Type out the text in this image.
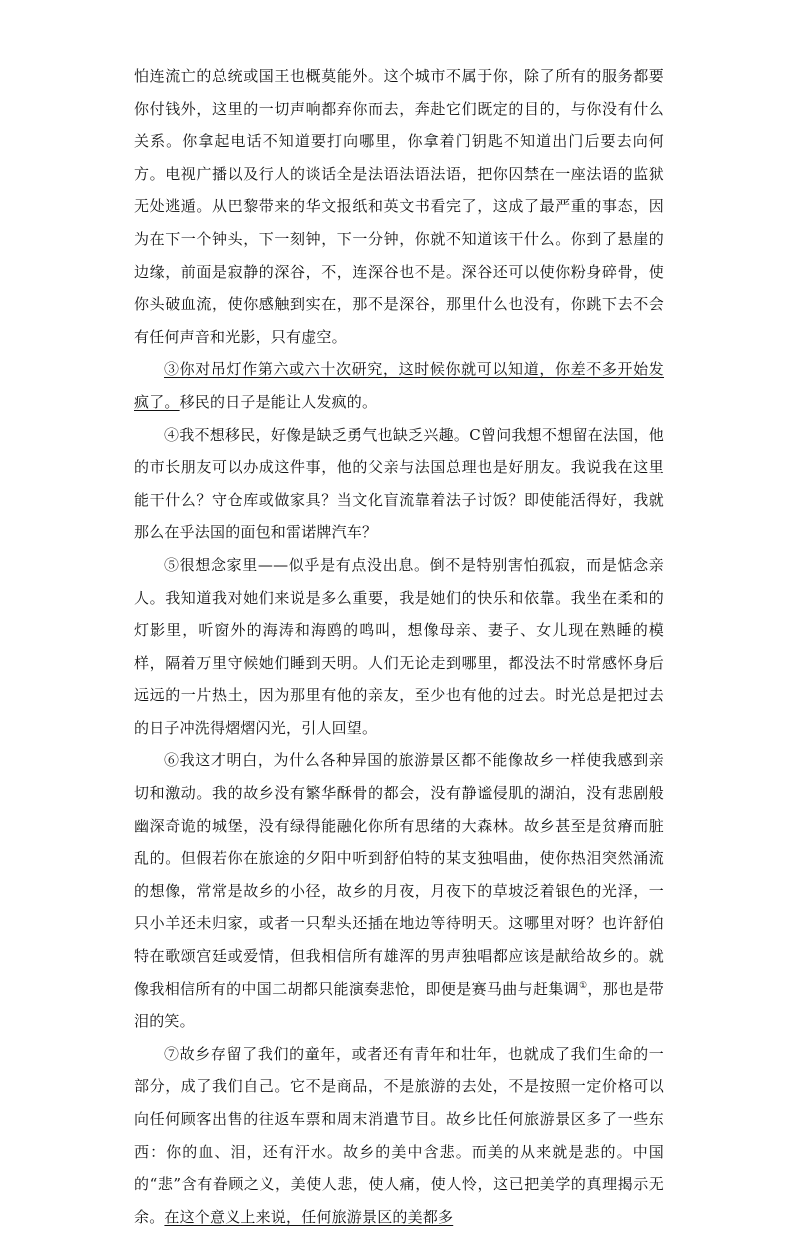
怕连流亡的总统或国王也概莫能外。这个城市不属于你，除了所有的服务都要你付钱外，这里的一切声响都弃你而去，奔赴它们既定的目的，与你没有什么关系。你拿起电话不知道要打向哪里，你拿着门钥匙不知道出门后要去向何方。电视广播以及行人的谈话全是法语法语法语，把你囚禁在一座法语的监狱无处逃遁。从巴黎带来的华文报纸和英文书看完了，这成了最严重的事态，因为在下一个钟头，下一刻钟，下一分钟，你就不知道该干什么。你到了悬崖的边缘，前面是寂静的深谷，不，连深谷也不是。深谷还可以使你粉身碎骨，使你头破血流，使你感触到实在，那不是深谷，那里什么也没有，你跳下去不会有任何声音和光影，只有虚空。

③你对吊灯作第六或六十次研究，这时候你就可以知道，你差不多开始发疯了。移民的日子是能让人发疯的。

④我不想移民，好像是缺乏勇气也缺乏兴趣。C曾问我想不想留在法国，他的市长朋友可以办成这件事，他的父亲与法国总理也是好朋友。我说我在这里能干什么？守仓库或做家具？当文化盲流靠着法子讨饭？即使能活得好，我就那么在乎法国的面包和雷诺牌汽车？

⑤很想念家里——似乎是有点没出息。倒不是特别害怕孤寂，而是惦念亲人。我知道我对她们来说是多么重要，我是她们的快乐和依靠。我坐在柔和的灯影里，听窗外的海涛和海鸥的鸣叫，想像母亲、妻子、女儿现在熟睡的模样，隔着万里守候她们睡到天明。人们无论走到哪里，都没法不时常感怀身后远远的一片热土，因为那里有他的亲友，至少也有他的过去。时光总是把过去的日子冲洗得熠熠闪光，引人回望。

⑥我这才明白，为什么各种异国的旅游景区都不能像故乡一样使我感到亲切和激动。我的故乡没有繁华酥骨的都会，没有静谧侵肌的湖泊，没有悲剧般幽深奇诡的城堡，没有绿得能融化你所有思绪的大森林。故乡甚至是贫瘠而脏乱的。但假若你在旅途的夕阳中听到舒伯特的某支独唱曲，使你热泪突然涌流的想像，常常是故乡的小径，故乡的月夜，月夜下的草坡泛着银色的光泽，一只小羊还未归家，或者一只犁头还插在地边等待明天。这哪里对呀？也许舒伯特在歌颂宫廷或爱情，但我相信所有雄浑的男声独唱都应该是献给故乡的。就像我相信所有的中国二胡都只能演奏悲怆，即便是赛马曲与赶集调①，那也是带泪的笑。

⑦故乡存留了我们的童年，或者还有青年和壮年，也就成了我们生命的一部分，成了我们自己。它不是商品，不是旅游的去处，不是按照一定价格可以向任何顾客出售的往返车票和周末消遣节目。故乡比任何旅游景区多了一些东西：你的血、泪，还有汗水。故乡的美中含悲。而美的从来就是悲的。中国的“悲”含有眷顾之义，美使人悲，使人痛，使人怜，这已把美学的真理揭示无余。在这个意义上来说，任何旅游景区的美都多
